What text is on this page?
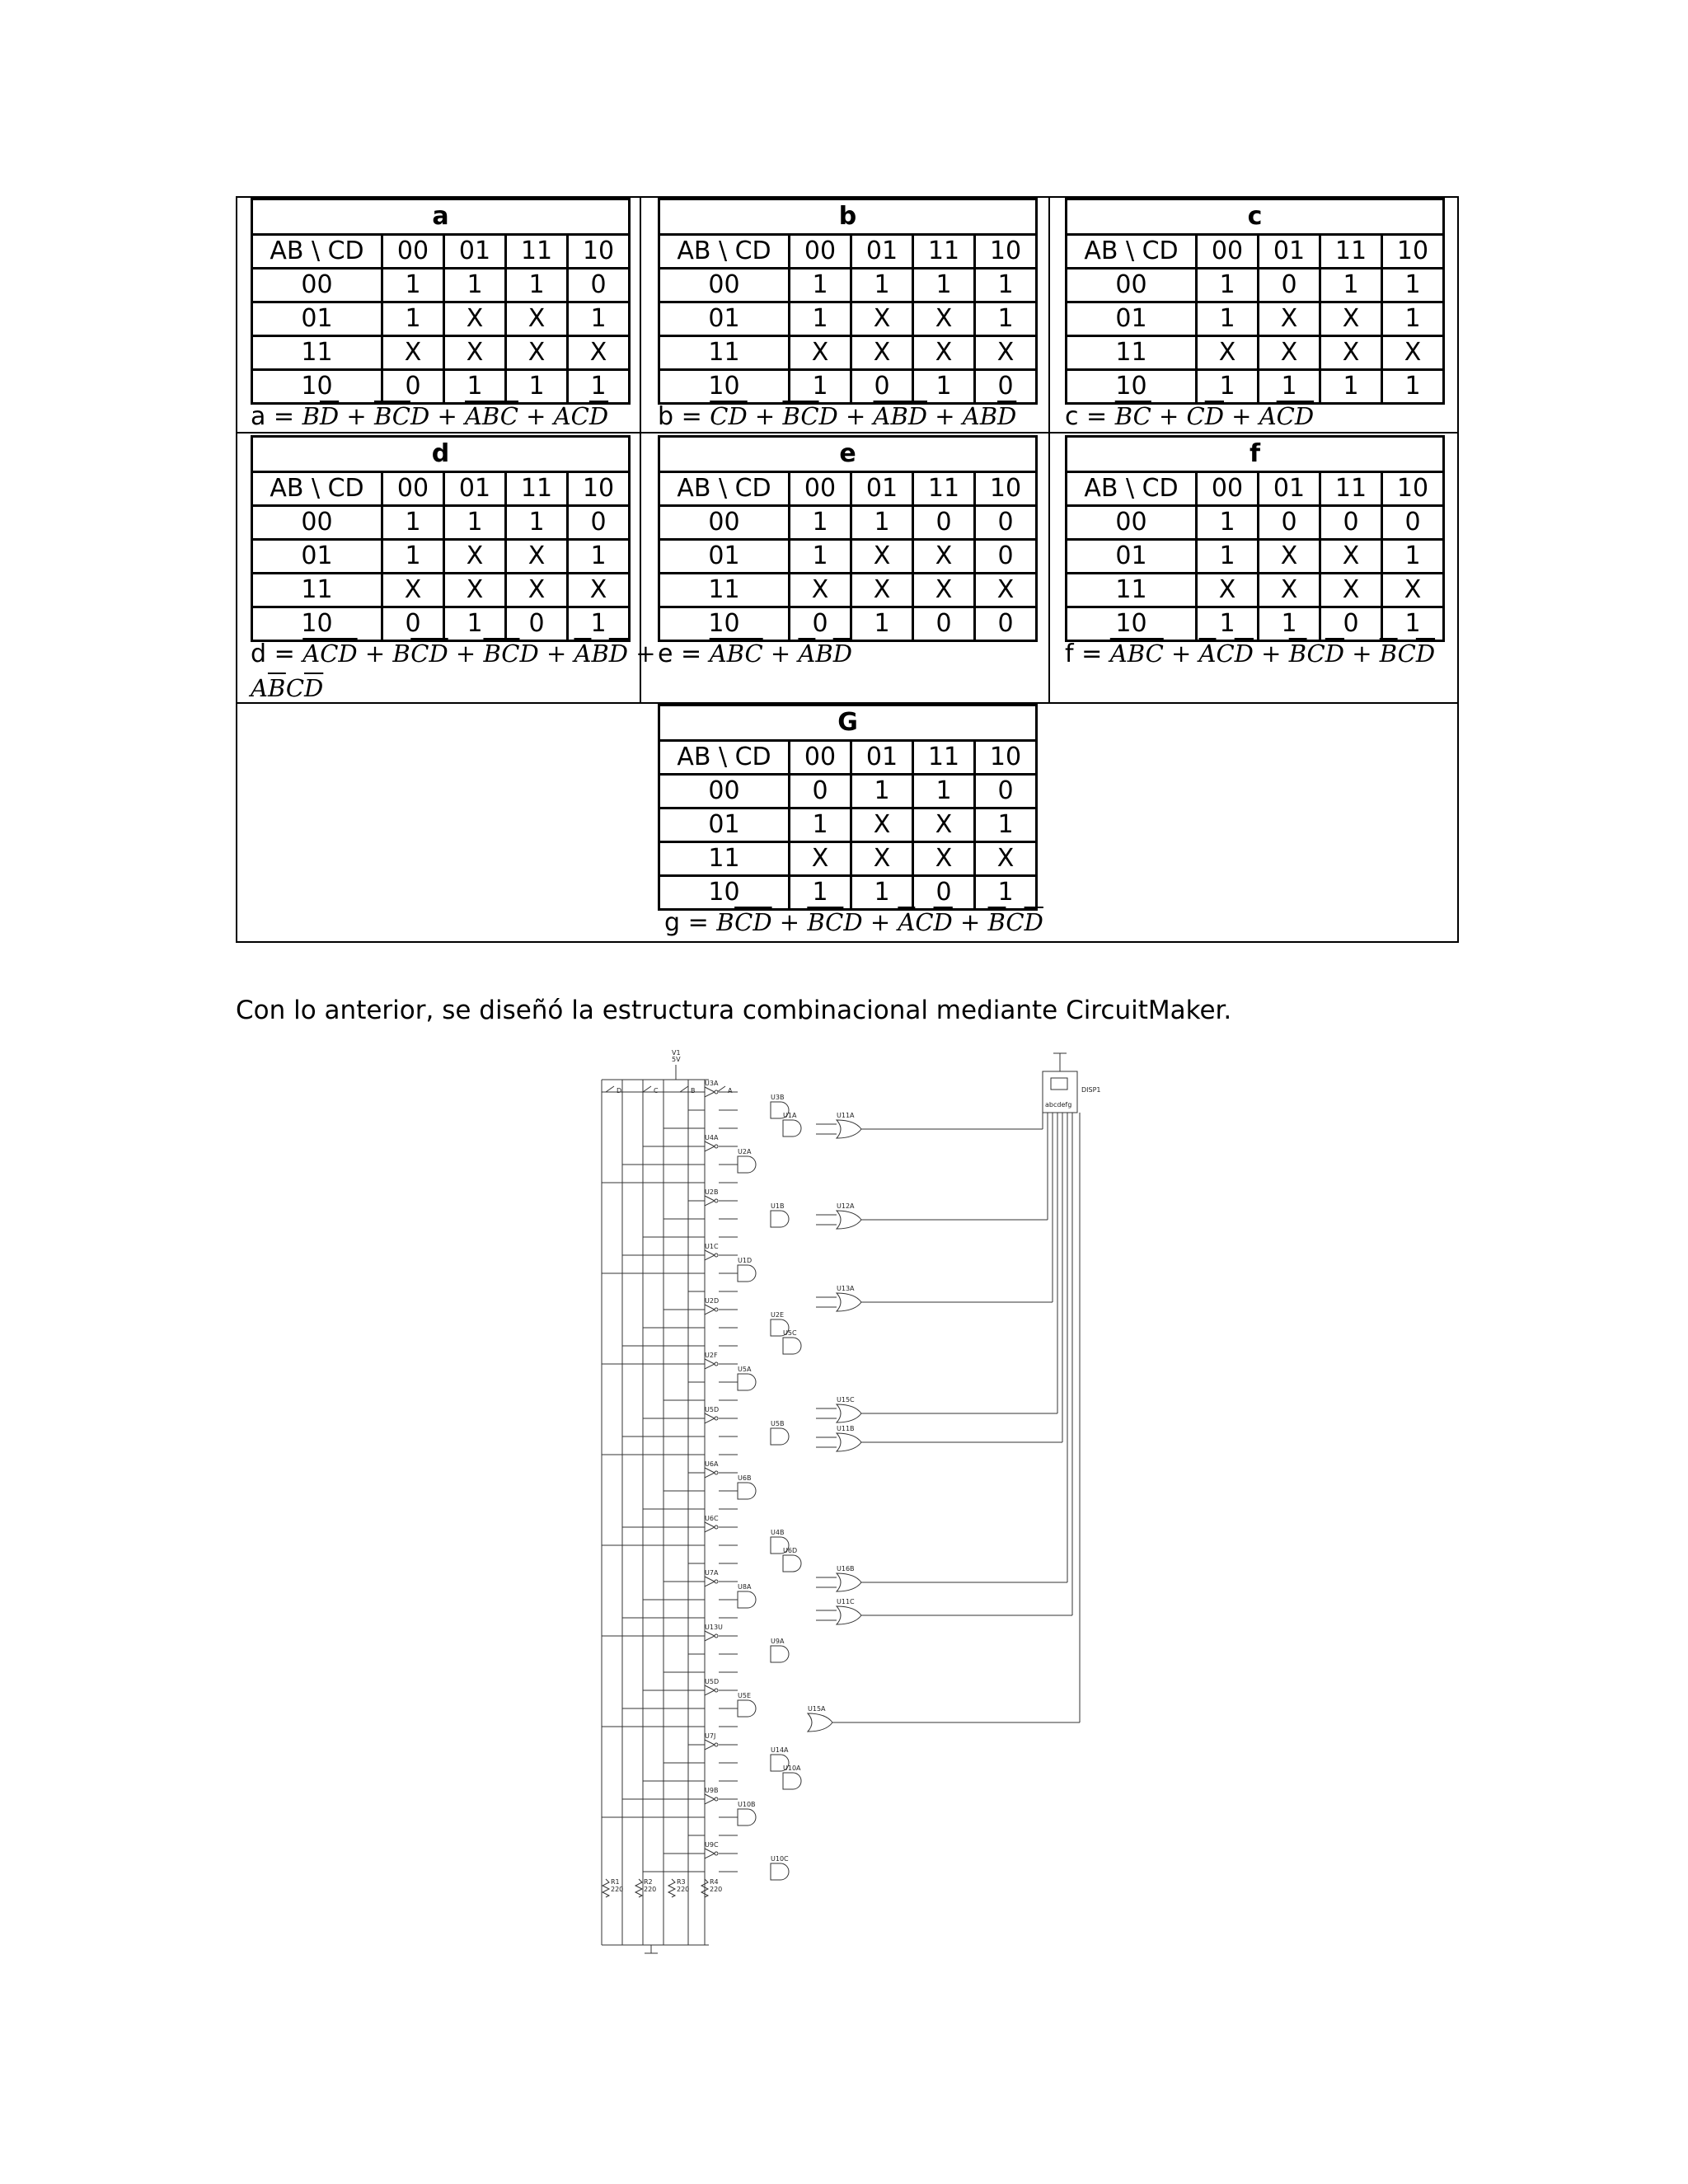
a				
AB \ CD	00	01	11	10
00	1	1	1	0
01	1	X	X	1
11	X	X	X	X
10	0	1	1	1
$a = B\overline{D} + \overline{BC}D + \overline{ABC} + AC\overline{D}$
b				
AB \ CD	00	01	11	10
00	1	1	1	1
01	1	X	X	1
11	X	X	X	X
10	1	0	1	0
$b = \overline{CD} + \overline{BC}D + \overline{ABD} + AB\overline{D}$
c				
AB \ CD	00	01	11	10
00	1	0	1	1
01	1	X	X	1
11	X	X	X	X
10	1	1	1	1
$c = \overline{BC} + C\overline{D} + A\overline{CD}$
d				
AB \ CD	00	01	11	10
00	1	1	1	0
01	1	X	X	1
11	X	X	X	X
10	0	1	0	1
$d = \overline{ACD} + B\overline{CD} + \overline{BC}D + \overline{A}B\overline{D}$ +
$A\overline{B}C\overline{D}$
e				
AB \ CD	00	01	11	10
00	1	1	0	0
01	1	X	X	0
11	X	X	X	X
10	0	1	0	0
$e = \overline{ABC} + \overline{A}B\overline{D}$
f				
AB \ CD	00	01	11	10
00	1	0	0	0
01	1	X	X	1
11	X	X	X	X
10	1	1	0	1
$f = \overline{ABC} + \overline{A}C\overline{D} + \overline{B}C\overline{D} + \overline{B}C\overline{D}$
G				
AB \ CD	00	01	11	10
00	0	1	1	0
01	1	X	X	1
11	X	X	X	X
10	1	1	0	1
$g = B\overline{CD} + \overline{BC}D + \overline{A}C\overline{D} + \overline{B}C\overline{D}$
Con lo anterior, se diseñó la estructura combinacional mediante CircuitMaker.
V1
5V
D	C	B	A
R1
220
R2
220
R3
220
R4
220
abcdefg
DISP1
U3A
U3B
U1A
U4A
U2A
U2B
U1B
U1C
U1D
U2D
U2E
U5C
U2F
U5A
U5D
U5B
U6A
U6B
U6C
U4B
U6D
U7A
U8A
U13U
U9A
U5D
U5E
U7J
U14A
U10A
U9B
U10B
U9C
U10C
U11A
U12A
U13A
U15C
U11B
U16B
U11C
U15A
